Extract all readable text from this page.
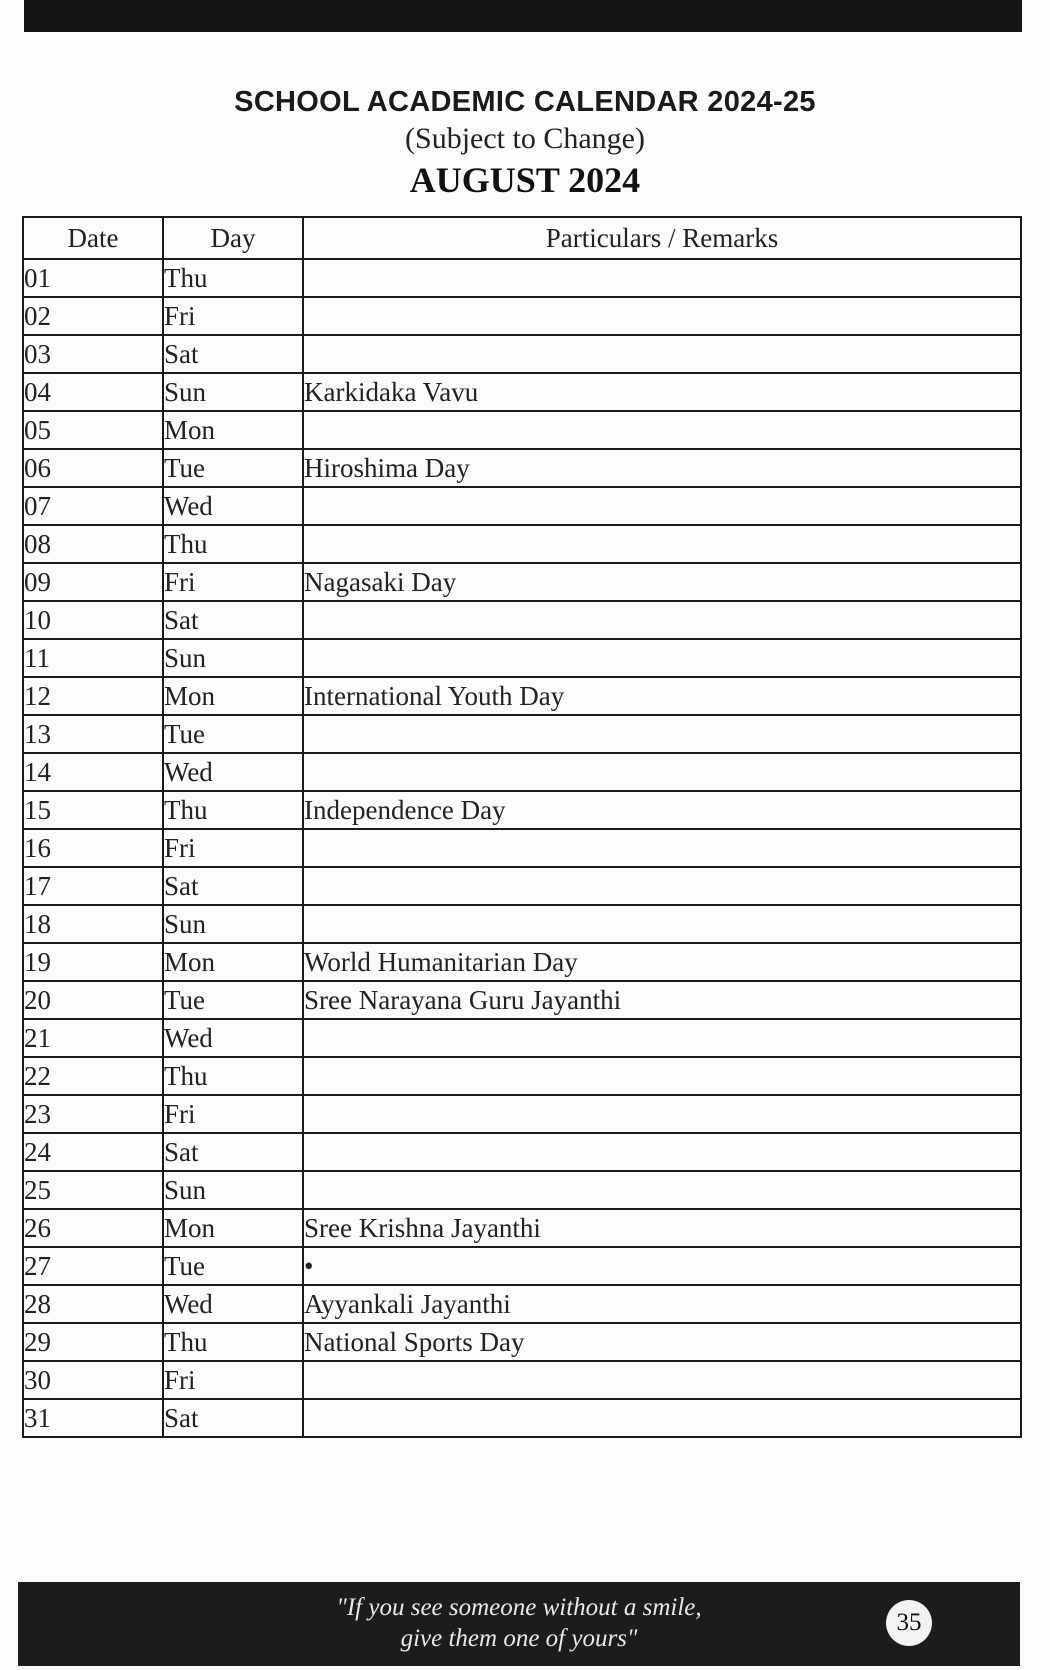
SCHOOL ACADEMIC CALENDAR 2024-25
(Subject to Change)
AUGUST 2024
Date	Day	Particulars / Remarks
01	Thu	
02	Fri	
03	Sat	
04	Sun	Karkidaka Vavu
05	Mon	
06	Tue	Hiroshima Day
07	Wed	
08	Thu	
09	Fri	Nagasaki Day
10	Sat	
11	Sun	
12	Mon	International Youth Day
13	Tue	
14	Wed	
15	Thu	Independence Day
16	Fri	
17	Sat	
18	Sun	
19	Mon	World Humanitarian Day
20	Tue	Sree Narayana Guru Jayanthi
21	Wed	
22	Thu	
23	Fri	
24	Sat	
25	Sun	
26	Mon	Sree Krishna Jayanthi
27	Tue	•
28	Wed	Ayyankali Jayanthi
29	Thu	National Sports Day
30	Fri	
31	Sat	
"If you see someone without a smile,
give them one of yours"
35
